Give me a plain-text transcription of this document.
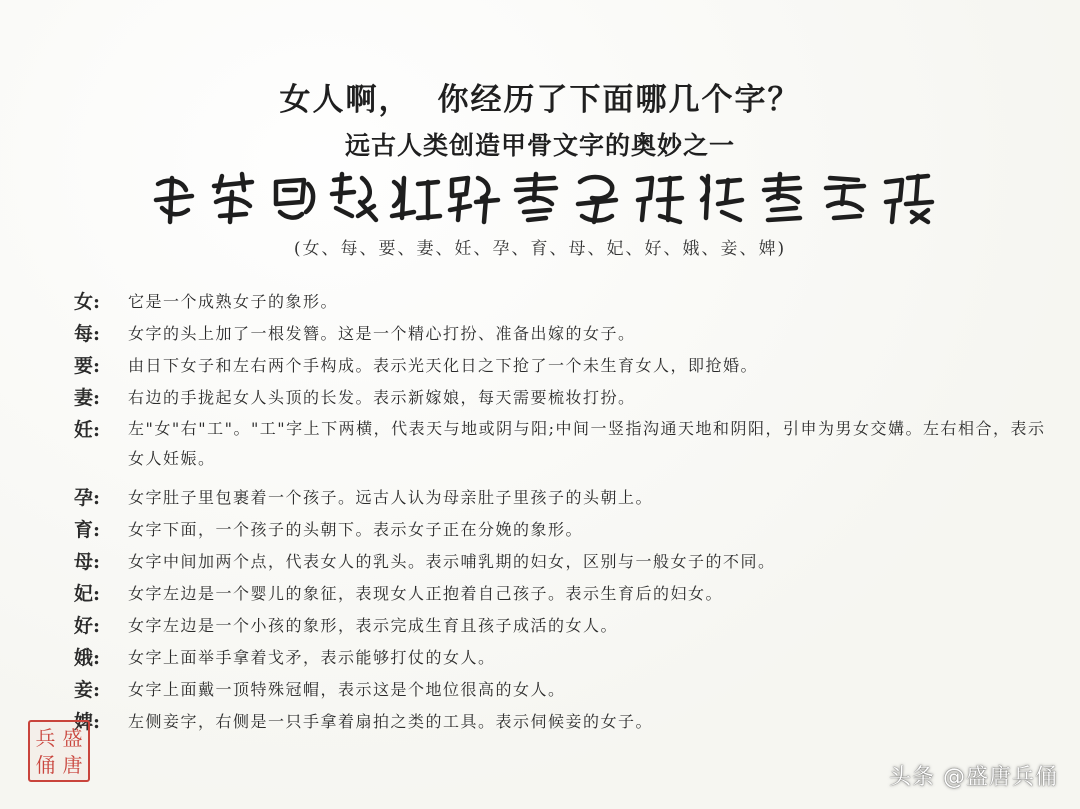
女人啊， 你经历了下面哪几个字？
远古人类创造甲骨文字的奥妙之一
(女、每、要、妻、妊、孕、育、母、妃、好、娥、妾、婢)
女:	它是一个成熟女子的象形。
每:	女字的头上加了一根发簪。这是一个精心打扮、准备出嫁的女子。
要:	由日下女子和左右两个手构成。表示光天化日之下抢了一个未生育女人，即抢婚。
妻:	右边的手拢起女人头顶的长发。表示新嫁娘，每天需要梳妆打扮。
妊:	左"女"右"工"。"工"字上下两横，代表天与地或阴与阳;中间一竖指沟通天地和阴阳，引申为男女交媾。左右相合，表示女人妊娠。
孕:	女字肚子里包裹着一个孩子。远古人认为母亲肚子里孩子的头朝上。
育:	女字下面，一个孩子的头朝下。表示女子正在分娩的象形。
母:	女字中间加两个点，代表女人的乳头。表示哺乳期的妇女，区别与一般女子的不同。
妃:	女字左边是一个婴儿的象征，表现女人正抱着自己孩子。表示生育后的妇女。
好:	女字左边是一个小孩的象形，表示完成生育且孩子成活的女人。
娥:	女字上面举手拿着戈矛，表示能够打仗的女人。
妾:	女字上面戴一顶特殊冠帽，表示这是个地位很高的女人。
婢:	左侧妾字，右侧是一只手拿着扇拍之类的工具。表示伺候妾的女子。
兵 盛
俑 唐
头条 @盛唐兵俑
